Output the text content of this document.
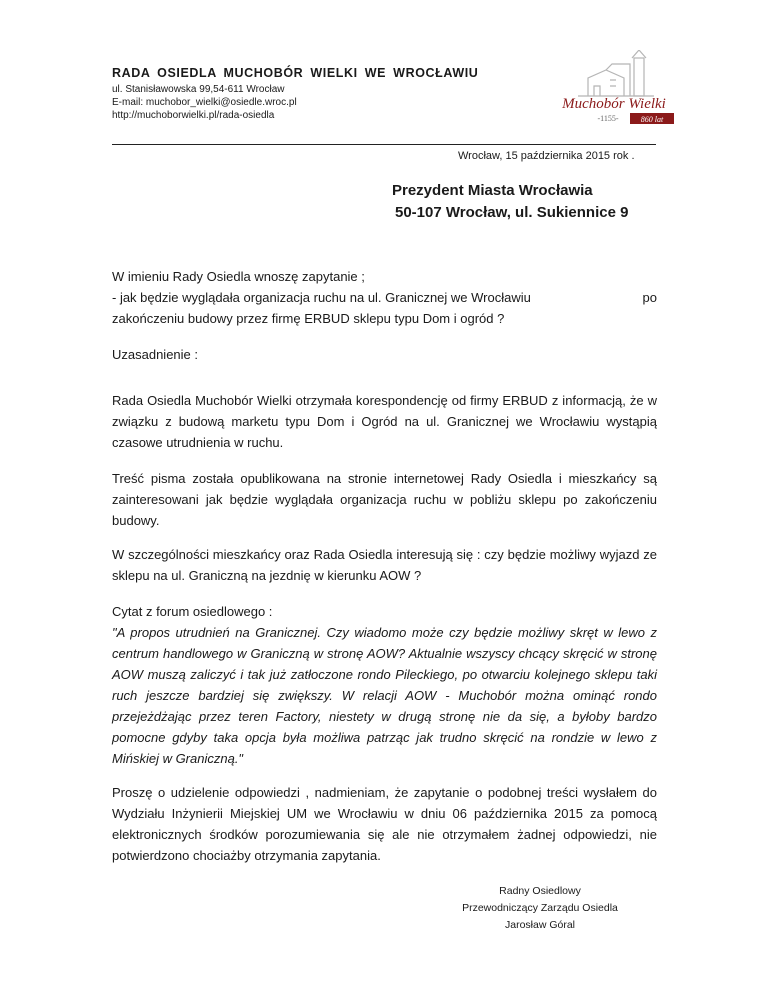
RADA OSIEDLA MUCHOBÓR WIELKI WE WROCŁAWIU
ul. Stanisławowska 99,54-611 Wrocław
E-mail: muchobor_wielki@osiedle.wroc.pl
http://muchoborwielki.pl/rada-osiedla
Muchobór Wielki
-1155-	860 lat
Wrocław, 15 października 2015 rok .
Prezydent Miasta Wrocławia
50-107 Wrocław, ul. Sukiennice 9
W imieniu Rady Osiedla wnoszę zapytanie ;
- jak będzie wyglądała organizacja ruchu na ul. Granicznej we Wrocławiu	po
zakończeniu budowy przez firmę ERBUD sklepu typu Dom i ogród ?
Uzasadnienie :
Rada Osiedla Muchobór Wielki otrzymała korespondencję od firmy ERBUD z informacją, że w związku z budową marketu typu Dom i Ogród na ul. Granicznej we Wrocławiu wystąpią czasowe utrudnienia w ruchu.
Treść pisma została opublikowana na stronie internetowej Rady Osiedla i mieszkańcy są zainteresowani jak będzie wyglądała organizacja ruchu w pobliżu sklepu po zakończeniu budowy.
W szczególności mieszkańcy oraz Rada Osiedla interesują się : czy będzie możliwy wyjazd ze sklepu na ul. Graniczną na jezdnię w kierunku AOW ?
Cytat z forum osiedlowego :
"A propos utrudnień na Granicznej. Czy wiadomo może czy będzie możliwy skręt w lewo z centrum handlowego w Graniczną w stronę AOW? Aktualnie wszyscy chcący skręcić w stronę AOW muszą zaliczyć i tak już zatłoczone rondo Pileckiego, po otwarciu kolejnego sklepu taki ruch jeszcze bardziej się zwiększy. W relacji AOW - Muchobór można ominąć rondo przejeżdżając przez teren Factory, niestety w drugą stronę nie da się, a byłoby bardzo pomocne gdyby taka opcja była możliwa patrząc jak trudno skręcić na rondzie w lewo z Mińskiej w Graniczną."
Proszę o udzielenie odpowiedzi , nadmieniam, że zapytanie o podobnej treści wysłałem do Wydziału Inżynierii Miejskiej UM we Wrocławiu w dniu 06 października 2015 za pomocą elektronicznych środków porozumiewania się ale nie otrzymałem żadnej odpowiedzi, nie potwierdzono chociażby otrzymania zapytania.
Radny Osiedlowy
Przewodniczący Zarządu Osiedla
Jarosław Góral
